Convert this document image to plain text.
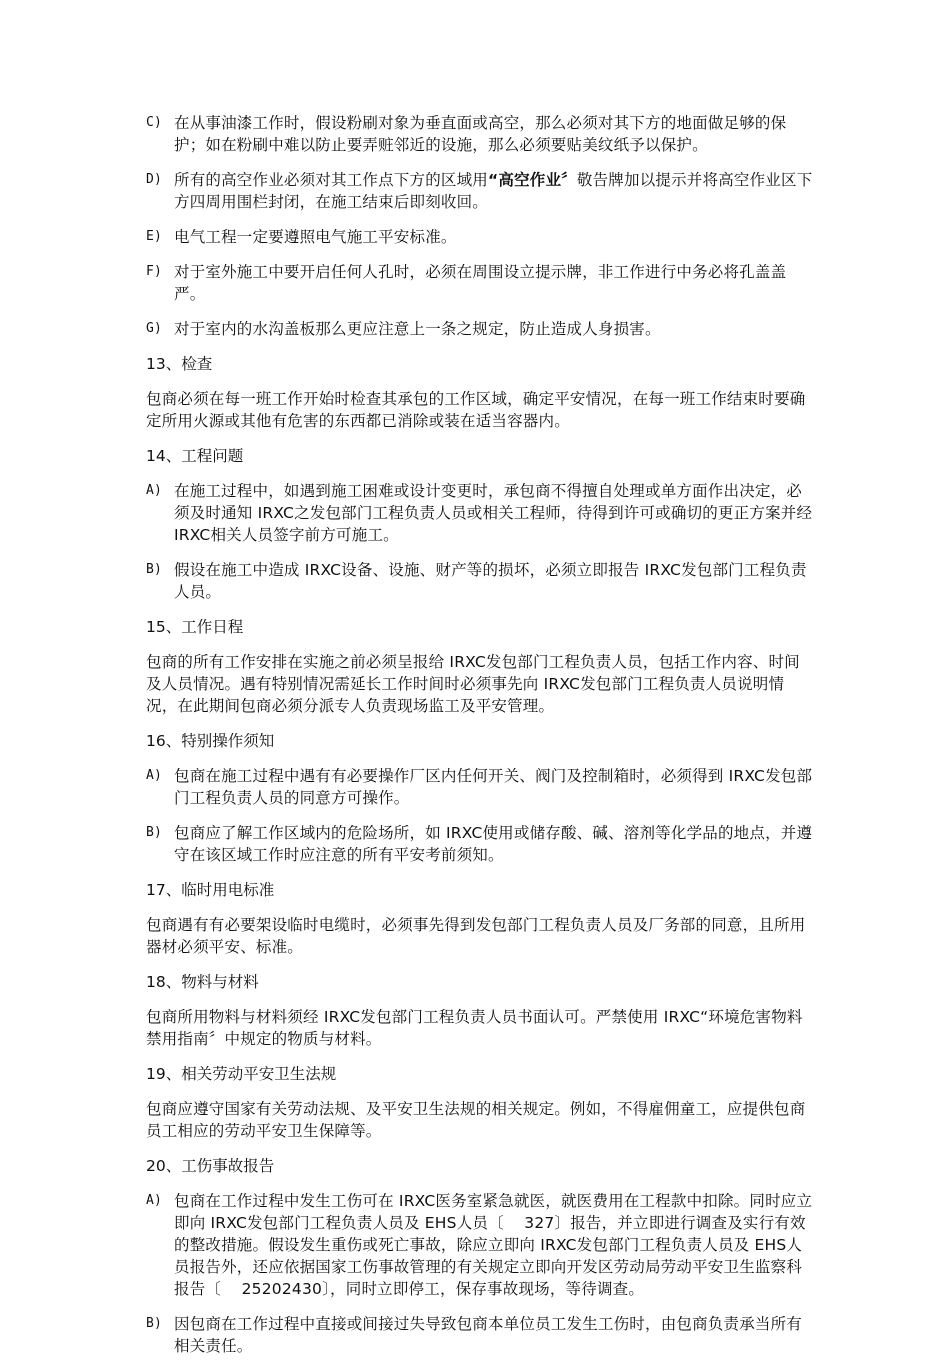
C) 在从事油漆工作时，假设粉刷对象为垂直面或高空，那么必须对其下方的地面做足够的保护；如在粉刷中难以防止要弄赃邻近的设施，那么必须要贴美纹纸予以保护。
D) 所有的高空作业必须对其工作点下方的区域用“高空作业〞敬告牌加以提示并将高空作业区下方四周用围栏封闭，在施工结束后即刻收回。
E) 电气工程一定要遵照电气施工平安标准。
F) 对于室外施工中要开启任何人孔时，必须在周围设立提示牌，非工作进行中务必将孔盖盖严。
G) 对于室内的水沟盖板那么更应注意上一条之规定，防止造成人身损害。
13、检查
包商必须在每一班工作开始时检查其承包的工作区域，确定平安情况，在每一班工作结束时要确定所用火源或其他有危害的东西都已消除或装在适当容器内。
14、工程问题
A) 在施工过程中，如遇到施工困难或设计变更时，承包商不得擅自处理或单方面作出决定，必须及时通知 IRXC之发包部门工程负责人员或相关工程师，待得到许可或确切的更正方案并经 IRXC相关人员签字前方可施工。
B) 假设在施工中造成 IRXC设备、设施、财产等的损坏，必须立即报告 IRXC发包部门工程负责人员。
15、工作日程
包商的所有工作安排在实施之前必须呈报给 IRXC发包部门工程负责人员，包括工作内容、时间及人员情况。遇有特别情况需延长工作时间时必须事先向 IRXC发包部门工程负责人员说明情况，在此期间包商必须分派专人负责现场监工及平安管理。
16、特别操作须知
A) 包商在施工过程中遇有有必要操作厂区内任何开关、阀门及控制箱时，必须得到 IRXC发包部门工程负责人员的同意方可操作。
B) 包商应了解工作区域内的危险场所，如 IRXC使用或储存酸、碱、溶剂等化学品的地点，并遵守在该区域工作时应注意的所有平安考前须知。
17、临时用电标准
包商遇有有必要架设临时电缆时，必须事先得到发包部门工程负责人员及厂务部的同意，且所用器材必须平安、标准。
18、物料与材料
包商所用物料与材料须经 IRXC发包部门工程负责人员书面认可。严禁使用 IRXC“环境危害物料禁用指南〞中规定的物质与材料。
19、相关劳动平安卫生法规
包商应遵守国家有关劳动法规、及平安卫生法规的相关规定。例如，不得雇佣童工，应提供包商员工相应的劳动平安卫生保障等。
20、工伤事故报告
A) 包商在工作过程中发生工伤可在 IRXC医务室紧急就医，就医费用在工程款中扣除。同时应立即向 IRXC发包部门工程负责人员及 EHS人员〔    327〕报告，并立即进行调查及实行有效的整改措施。假设发生重伤或死亡事故，除应立即向 IRXC发包部门工程负责人员及 EHS人员报告外，还应依据国家工伤事故管理的有关规定立即向开发区劳动局劳动平安卫生监察科报告〔    25202430〕，同时立即停工，保存事故现场，等待调查。
B) 因包商在工作过程中直接或间接过失导致包商本单位员工发生工伤时，由包商负责承当所有相关责任。
